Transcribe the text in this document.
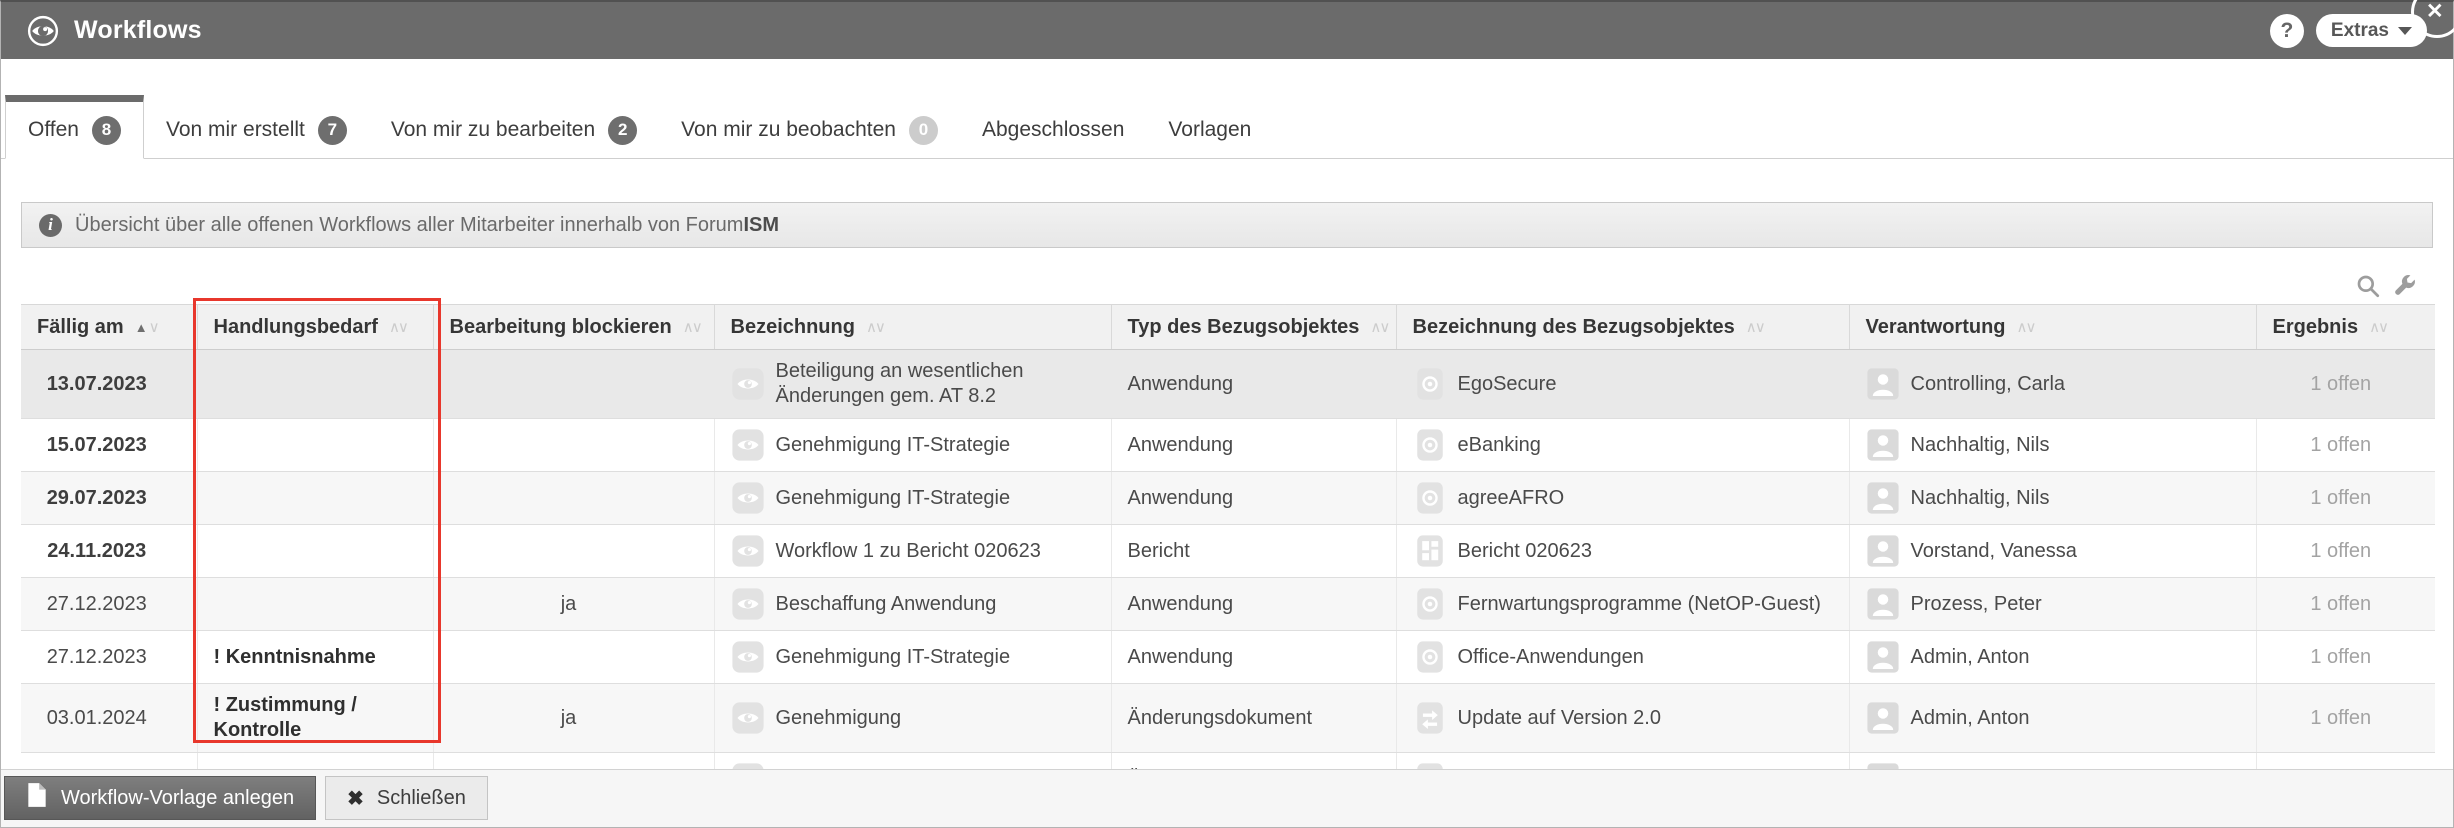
Workflows	?	Extras
✕
Offen	8	Von mir erstellt	7	Von mir zu bearbeiten	2	Von mir zu beobachten	0	Abgeschlossen Vorlagen
i	Übersicht über alle offenen Workflows aller Mitarbeiter innerhalb von ForumISM
Fällig am ▲∨	Handlungsbedarf ∧∨	Bearbeitung blockieren ∧∨	Bezeichnung ∧∨	Typ des Bezugsobjektes ∧∨	Bezeichnung des Bezugsobjektes ∧∨	Verantwortung ∧∨	Ergebnis ∧∨
13.07.2023			Beteiligung an wesentlichen Änderungen gem. AT 8.2	Anwendung	EgoSecure	Controlling, Carla	1 offen
15.07.2023			Genehmigung IT-Strategie	Anwendung	eBanking	Nachhaltig, Nils	1 offen
29.07.2023			Genehmigung IT-Strategie	Anwendung	agreeAFRO	Nachhaltig, Nils	1 offen
24.11.2023			Workflow 1 zu Bericht 020623	Bericht	Bericht 020623	Vorstand, Vanessa	1 offen
27.12.2023		ja	Beschaffung Anwendung	Anwendung	Fernwartungsprogramme (NetOP-Guest)	Prozess, Peter	1 offen
27.12.2023	! Kenntnisnahme		Genehmigung IT-Strategie	Anwendung	Office-Anwendungen	Admin, Anton	1 offen
03.01.2024	! Zustimmung / Kontrolle	ja	Genehmigung	Änderungsdokument	Update auf Version 2.0	Admin, Anton	1 offen

Workflow-Vorlage anlegen	✖ Schließen
